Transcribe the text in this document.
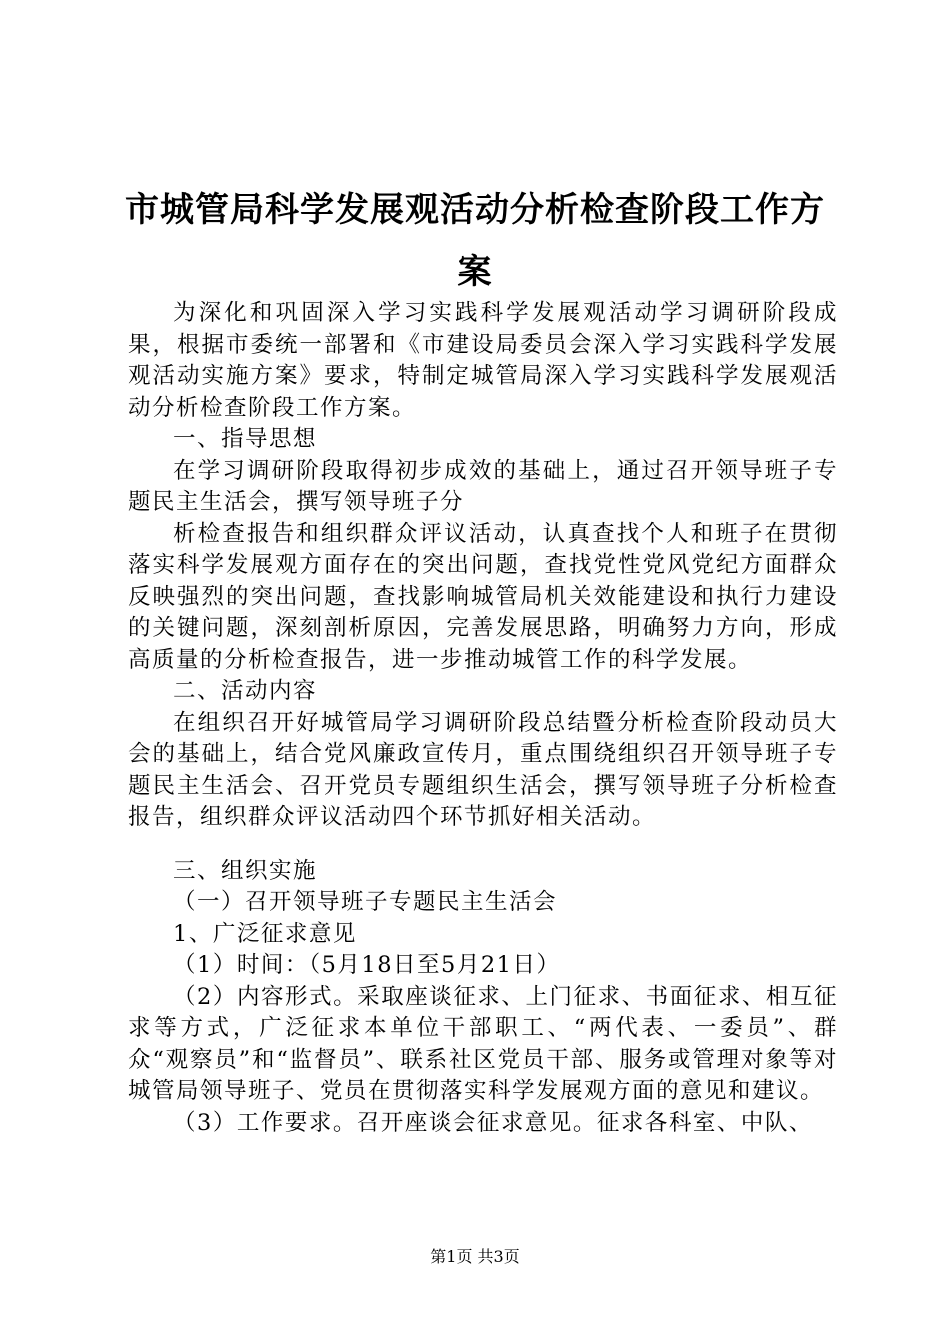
市城管局科学发展观活动分析检查阶段工作方
案

为深化和巩固深入学习实践科学发展观活动学习调研阶段成果，根据市委统一部署和《市建设局委员会深入学习实践科学发展观活动实施方案》要求，特制定城管局深入学习实践科学发展观活动分析检查阶段工作方案。

一、指导思想

在学习调研阶段取得初步成效的基础上，通过召开领导班子专题民主生活会，撰写领导班子分

析检查报告和组织群众评议活动，认真查找个人和班子在贯彻落实科学发展观方面存在的突出问题，查找党性党风党纪方面群众反映强烈的突出问题，查找影响城管局机关效能建设和执行力建设的关键问题，深刻剖析原因，完善发展思路，明确努力方向，形成高质量的分析检查报告，进一步推动城管工作的科学发展。

二、活动内容

在组织召开好城管局学习调研阶段总结暨分析检查阶段动员大会的基础上，结合党风廉政宣传月，重点围绕组织召开领导班子专题民主生活会、召开党员专题组织生活会，撰写领导班子分析检查报告，组织群众评议活动四个环节抓好相关活动。

三、组织实施

（一）召开领导班子专题民主生活会

1、广泛征求意见

（1）时间：（5月18日至5月21日）

（2）内容形式。采取座谈征求、上门征求、书面征求、相互征求等方式，广泛征求本单位干部职工、“两代表、一委员”、群众“观察员”和“监督员”、联系社区党员干部、服务或管理对象等对城管局领导班子、党员在贯彻落实科学发展观方面的意见和建议。

（3）工作要求。召开座谈会征求意见。征求各科室、中队、

第1页 共3页
